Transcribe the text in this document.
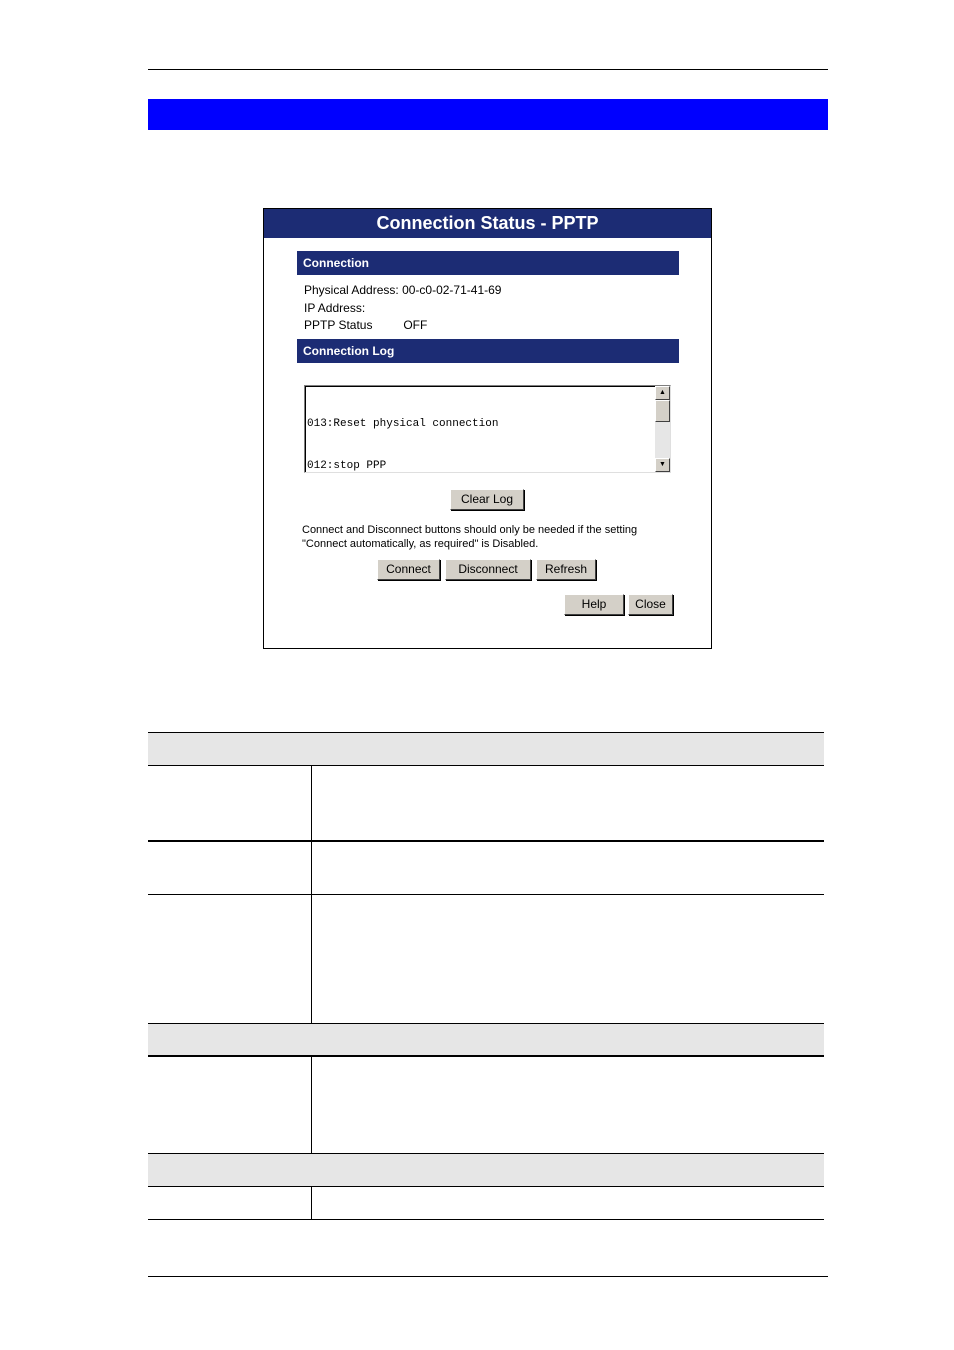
Connection Status - PPTP
Connection
Physical Address: 00-c0-02-71-41-69
IP Address:
PPTP Status	OFF
Connection Log

013:Reset physical connection

012:stop PPP

▲
▼
Clear Log
Connect and Disconnect buttons should only be needed if the setting
"Connect automatically, as required" is Disabled.
Connect	Disconnect	Refresh
Help	Close
